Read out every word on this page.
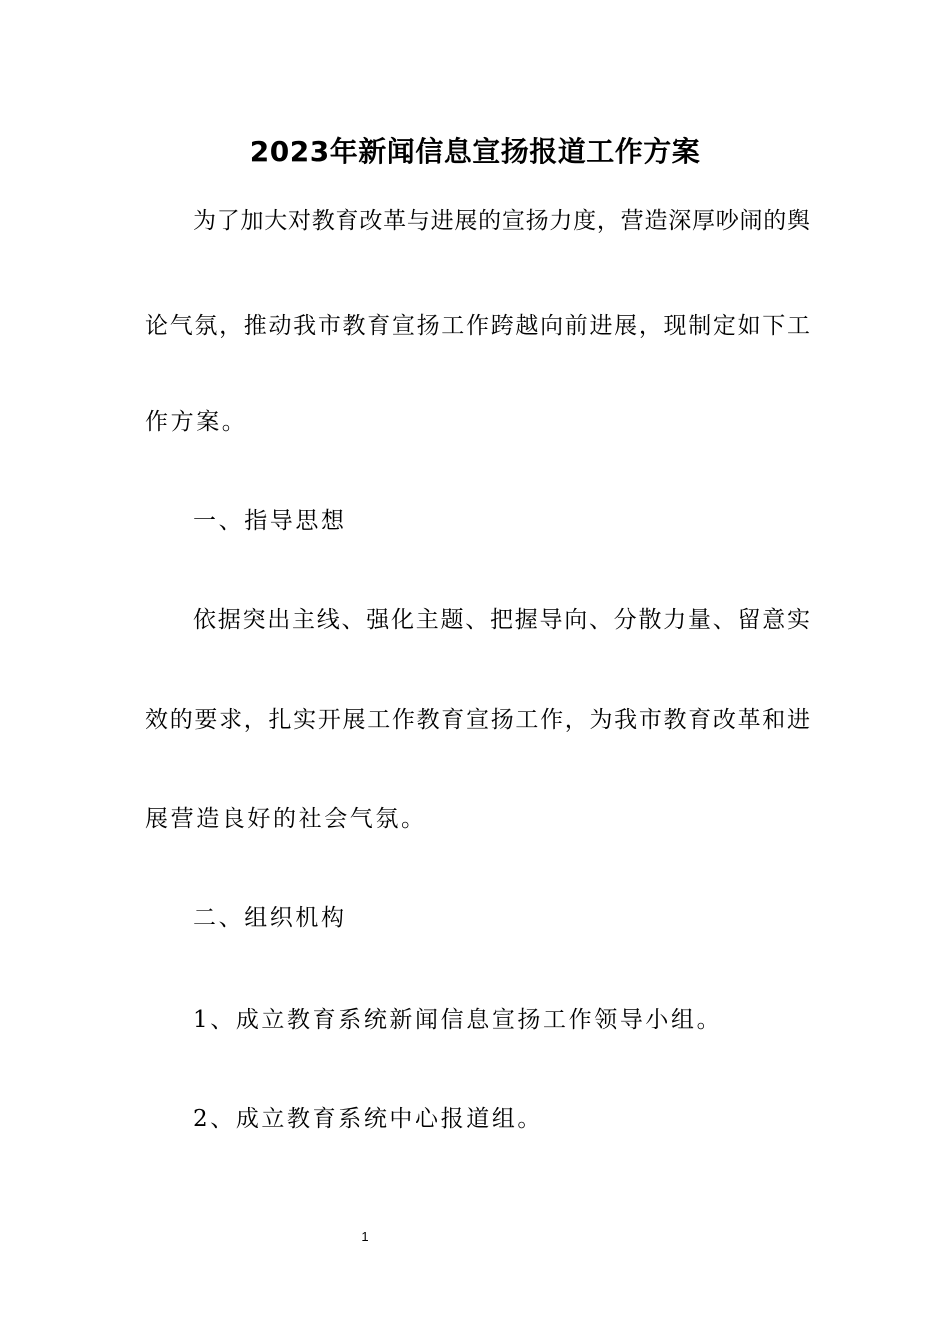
2023年新闻信息宣扬报道工作方案
为了加大对教育改革与进展的宣扬力度，营造深厚吵闹的舆
论气氛，推动我市教育宣扬工作跨越向前进展，现制定如下工
作方案。
一、指导思想
依据突出主线、强化主题、把握导向、分散力量、留意实
效的要求，扎实开展工作教育宣扬工作，为我市教育改革和进
展营造良好的社会气氛。
二、组织机构
1、成立教育系统新闻信息宣扬工作领导小组。
2、成立教育系统中心报道组。
1
